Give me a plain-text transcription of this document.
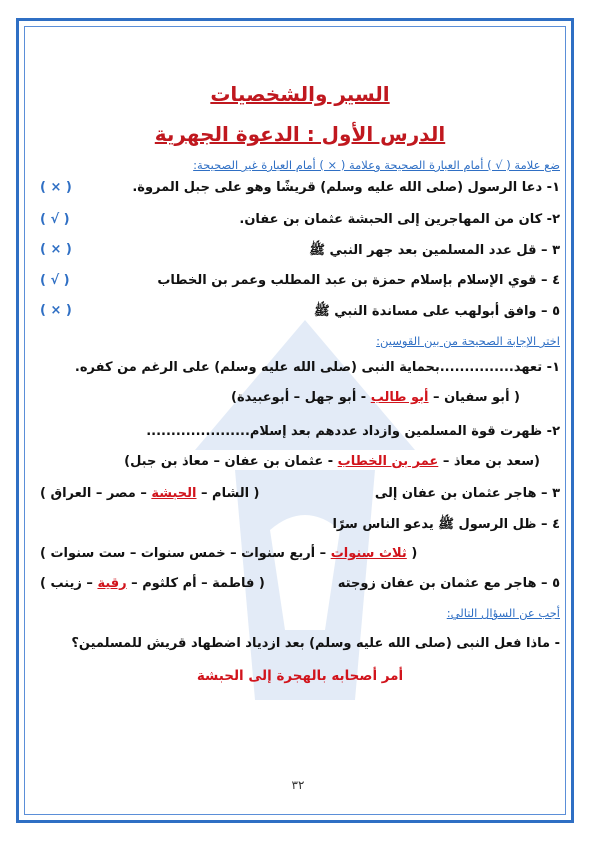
السير والشخصيات
الدرس الأول : الدعوة الجهرية
ضع علامة ( √ ) أمام العبارة الصحيحة وعلامة ( × ) أمام العبارة غير الصحيحة:
١- دعا الرسول (صلى الله عليه وسلم) قريشًا وهو على جبل المروة.
( × )
٢- كان من المهاجرين إلى الحبشة عثمان بن عفان.
( √ )
٣ – قل عدد المسلمين بعد جهر النبي ﷺ
( × )
٤ – قوي الإسلام بإسلام حمزة بن عبد المطلب وعمر بن الخطاب
( √ )
٥ – وافق أبولهب على مساندة النبي ﷺ
( × )
اختر الإجابة الصحيحة من بين القوسين:
١- تعهد...............بحماية النبى (صلى الله عليه وسلم) على الرغم من كفره.
( أبو سفيان – أبو طالب - أبو جهل – أبوعبيدة)
٢- ظهرت قوة المسلمين وازداد عددهم بعد إسلام.....................
(سعد بن معاذ – عمر بن الخطاب - عثمان بن عفان – معاذ بن جبل)
٣ – هاجر عثمان بن عفان إلى
( الشام – الحبشة – مصر – العراق )
٤ – ظل الرسول ﷺ يدعو الناس سرًا
( ثلاث سنوات – أربع سنوات – خمس سنوات – ست سنوات )
٥ – هاجر مع عثمان بن عفان زوجته
( فاطمة – أم كلثوم – رقية – زينب )
أجب عن السؤال التالي:
- ماذا فعل النبى (صلى الله عليه وسلم) بعد ازدياد اضطهاد قريش للمسلمين؟
أمر أصحابه بالهجرة إلى الحبشة
٣٢
